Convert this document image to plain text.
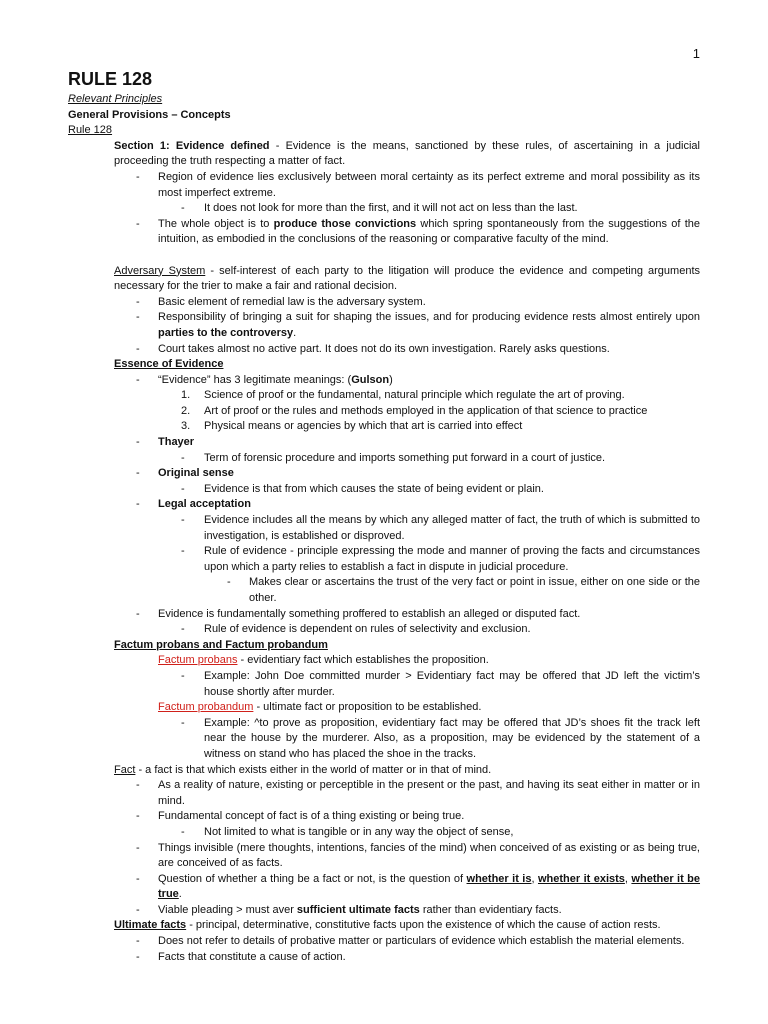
1
RULE 128

Relevant Principles

General Provisions – Concepts

Rule 128

Section 1: Evidence defined - Evidence is the means, sanctioned by these rules, of ascertaining in a judicial proceeding the truth respecting a matter of fact.

- Region of evidence lies exclusively between moral certainty as its perfect extreme and moral possibility as its most imperfect extreme.

- It does not look for more than the first, and it will not act on less than the last.

- The whole object is to produce those convictions which spring spontaneously from the suggestions of the intuition, as embodied in the conclusions of the reasoning or comparative faculty of the mind.

Adversary System - self-interest of each party to the litigation will produce the evidence and competing arguments necessary for the trier to make a fair and rational decision.

- Basic element of remedial law is the adversary system.

- Responsibility of bringing a suit for shaping the issues, and for producing evidence rests almost entirely upon parties to the controversy.

- Court takes almost no active part. It does not do its own investigation. Rarely asks questions.

Essence of Evidence

- “Evidence” has 3 legitimate meanings: (Gulson)

1. Science of proof or the fundamental, natural principle which regulate the art of proving.

2. Art of proof or the rules and methods employed in the application of that science to practice

3. Physical means or agencies by which that art is carried into effect

- Thayer

- Term of forensic procedure and imports something put forward in a court of justice.

- Original sense

- Evidence is that from which causes the state of being evident or plain.

- Legal acceptation

- Evidence includes all the means by which any alleged matter of fact, the truth of which is submitted to investigation, is established or disproved.

- Rule of evidence - principle expressing the mode and manner of proving the facts and circumstances upon which a party relies to establish a fact in dispute in judicial procedure.

- Makes clear or ascertains the trust of the very fact or point in issue, either on one side or the other.

- Evidence is fundamentally something proffered to establish an alleged or disputed fact.

- Rule of evidence is dependent on rules of selectivity and exclusion.

Factum probans and Factum probandum

Factum probans - evidentiary fact which establishes the proposition.

- Example: John Doe committed murder > Evidentiary fact may be offered that JD left the victim’s house shortly after murder.

Factum probandum - ultimate fact or proposition to be established.

- Example: ^to prove as proposition, evidentiary fact may be offered that JD’s shoes fit the track left near the house by the murderer. Also, as a proposition, may be evidenced by the statement of a witness on stand who has placed the shoe in the tracks.

Fact - a fact is that which exists either in the world of matter or in that of mind.

- As a reality of nature, existing or perceptible in the present or the past, and having its seat either in matter or in mind.

- Fundamental concept of fact is of a thing existing or being true.

- Not limited to what is tangible or in any way the object of sense,

- Things invisible (mere thoughts, intentions, fancies of the mind) when conceived of as existing or as being true, are conceived of as facts.

- Question of whether a thing be a fact or not, is the question of whether it is, whether it exists, whether it be true.

- Viable pleading > must aver sufficient ultimate facts rather than evidentiary facts.

Ultimate facts - principal, determinative, constitutive facts upon the existence of which the cause of action rests.

- Does not refer to details of probative matter or particulars of evidence which establish the material elements.

- Facts that constitute a cause of action.
